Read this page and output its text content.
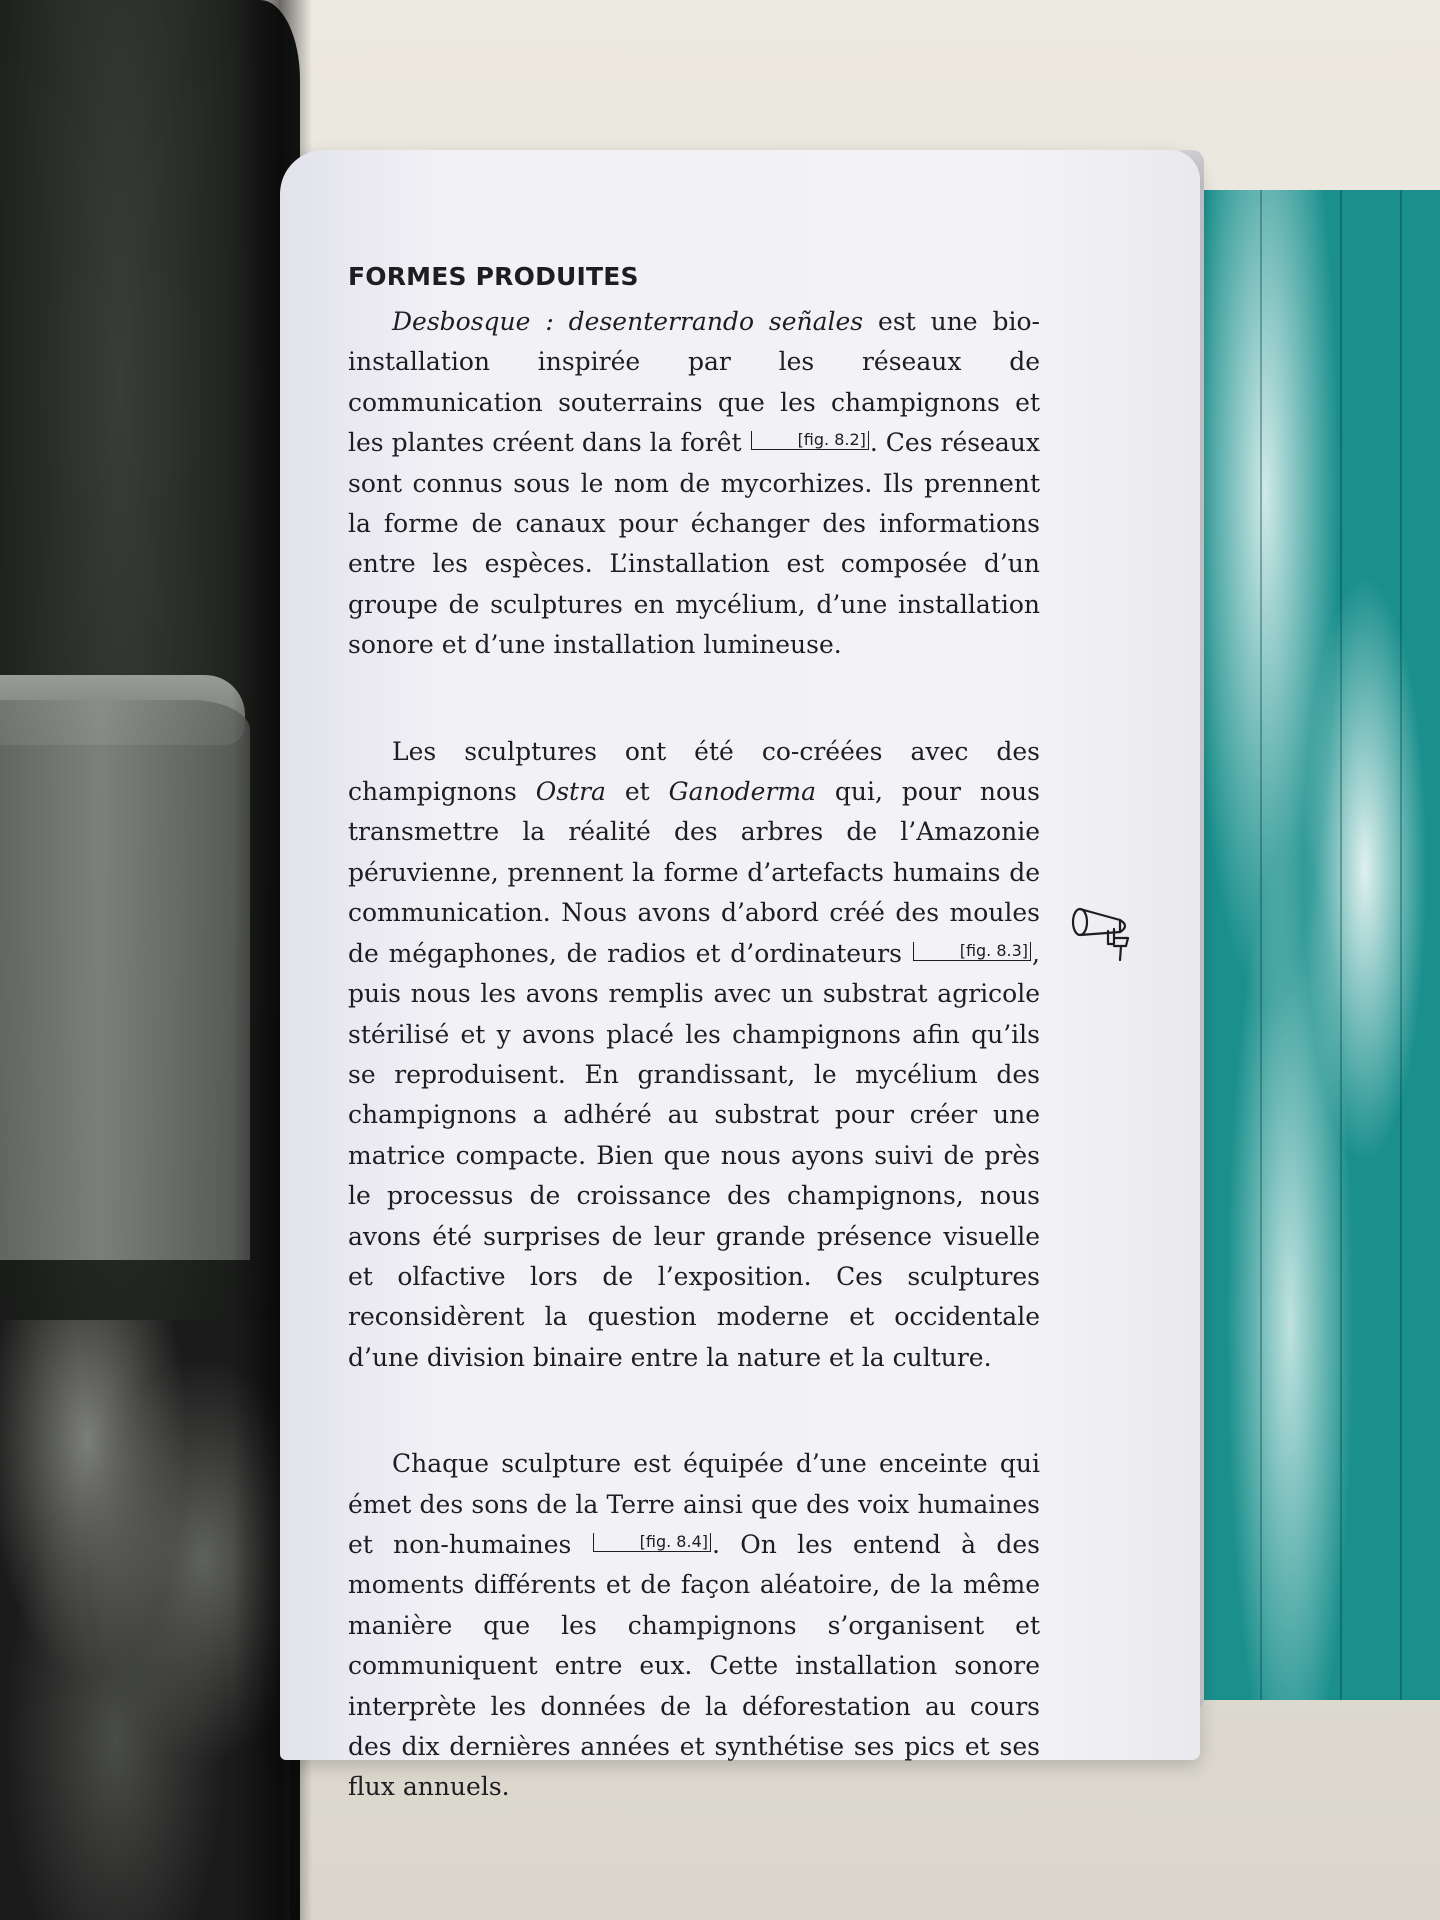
FORMES PRODUITES

Desbosque : desenterrando señales est une bio-installation inspirée par les réseaux de communication souterrains que les champignons et les plantes créent dans la forêt	[fig. 8.2] . Ces réseaux sont connus sous le nom de mycorhizes. Ils prennent la forme de canaux pour échanger des informations entre les espèces. L’installation est composée d’un groupe de sculptures en mycélium, d’une installation sonore et d’une installation lumineuse.

Les sculptures ont été co-créées avec des champignons Ostra et Ganoderma qui, pour nous transmettre la réalité des arbres de l’Amazonie péruvienne, prennent la forme d’artefacts humains de communication. Nous avons d’abord créé des moules de mégaphones, de radios et d’ordinateurs	[fig. 8.3] , puis nous les avons remplis avec un substrat agricole stérilisé et y avons placé les champignons afin qu’ils se reproduisent. En grandissant, le mycélium des champignons a adhéré au substrat pour créer une matrice compacte. Bien que nous ayons suivi de près le processus de croissance des champignons, nous avons été surprises de leur grande présence visuelle et olfactive lors de l’exposition. Ces sculptures reconsidèrent la question moderne et occidentale d’une division binaire entre la nature et la culture.

Chaque sculpture est équipée d’une enceinte qui émet des sons de la Terre ainsi que des voix humaines et non-humaines	[fig. 8.4] . On les entend à des moments différents et de façon aléatoire, de la même manière que les champignons s’organisent et communiquent entre eux. Cette installation sonore interprète les données de la déforestation au cours des dix dernières années et synthétise ses pics et ses flux annuels.
